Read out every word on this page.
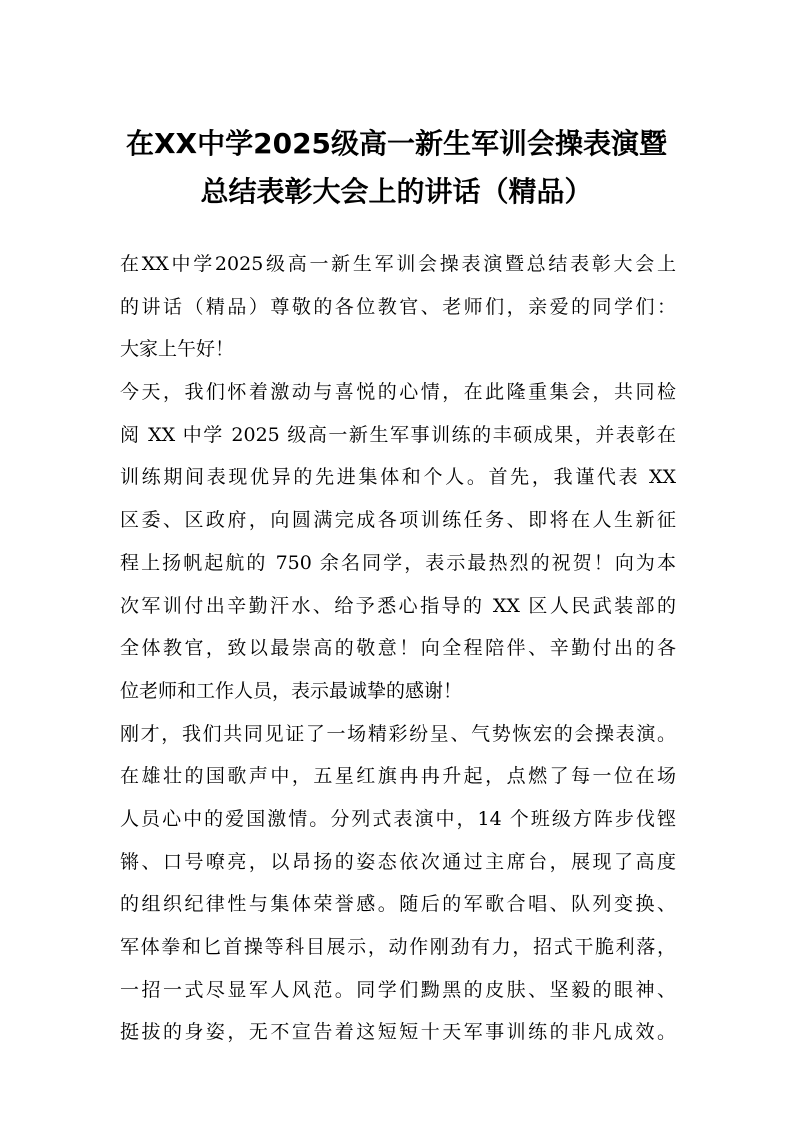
在XX中学2025级高一新生军训会操表演暨
总结表彰大会上的讲话（精品）
在XX中学2025级高一新生军训会操表演暨总结表彰大会上
的讲话（精品）尊敬的各位教官、老师们，亲爱的同学们：
大家上午好！
今天，我们怀着激动与喜悦的心情，在此隆重集会，共同检
阅 XX 中学 2025 级高一新生军事训练的丰硕成果，并表彰在
训练期间表现优异的先进集体和个人。首先，我谨代表 XX
区委、区政府，向圆满完成各项训练任务、即将在人生新征
程上扬帆起航的 750 余名同学，表示最热烈的祝贺！向为本
次军训付出辛勤汗水、给予悉心指导的 XX 区人民武装部的
全体教官，致以最崇高的敬意！向全程陪伴、辛勤付出的各
位老师和工作人员，表示最诚挚的感谢！
刚才，我们共同见证了一场精彩纷呈、气势恢宏的会操表演。
在雄壮的国歌声中，五星红旗冉冉升起，点燃了每一位在场
人员心中的爱国激情。分列式表演中，14 个班级方阵步伐铿
锵、口号嘹亮，以昂扬的姿态依次通过主席台，展现了高度
的组织纪律性与集体荣誉感。随后的军歌合唱、队列变换、
军体拳和匕首操等科目展示，动作刚劲有力，招式干脆利落，
一招一式尽显军人风范。同学们黝黑的皮肤、坚毅的眼神、
挺拔的身姿，无不宣告着这短短十天军事训练的非凡成效。
